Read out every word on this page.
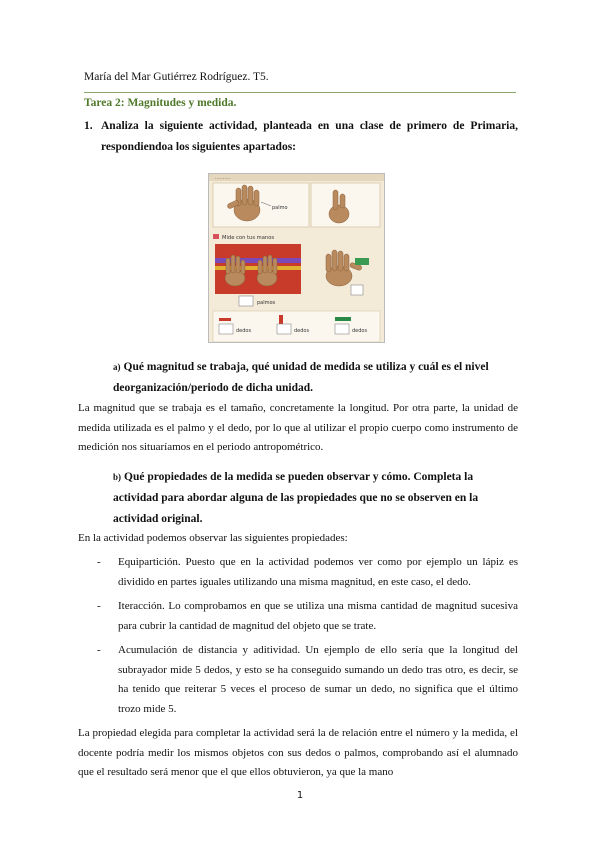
María del Mar Gutiérrez Rodríguez. T5.
Tarea 2: Magnitudes y medida.
1. Analiza la siguiente actividad, planteada en una clase de primero de Primaria, respondiendoa los siguientes apartados:
··········
palmo
Mide con tus manos
palmos
dedos	dedos	dedos
a) Qué magnitud se trabaja, qué unidad de medida se utiliza y cuál es el nivel deorganización/periodo de dicha unidad.
La magnitud que se trabaja es el tamaño, concretamente la longitud. Por otra parte, la unidad de medida utilizada es el palmo y el dedo, por lo que al utilizar el propio cuerpo como instrumento de medición nos situaríamos en el periodo antropométrico.
b) Qué propiedades de la medida se pueden observar y cómo. Completa la actividad para abordar alguna de las propiedades que no se observen en la actividad original.
En la actividad podemos observar las siguientes propiedades:
- Equipartición. Puesto que en la actividad podemos ver como por ejemplo un lápiz es dividido en partes iguales utilizando una misma magnitud, en este caso, el dedo.
- Iteracción. Lo comprobamos en que se utiliza una misma cantidad de magnitud sucesiva para cubrir la cantidad de magnitud del objeto que se trate.
- Acumulación de distancia y aditividad. Un ejemplo de ello sería que la longitud del subrayador mide 5 dedos, y esto se ha conseguido sumando un dedo tras otro, es decir, se ha tenido que reiterar 5 veces el proceso de sumar un dedo, no significa que el último trozo mide 5.
La propiedad elegida para completar la actividad será la de relación entre el número y la medida, el docente podría medir los mismos objetos con sus dedos o palmos, comprobando así el alumnado que el resultado será menor que el que ellos obtuvieron, ya que la mano
1
